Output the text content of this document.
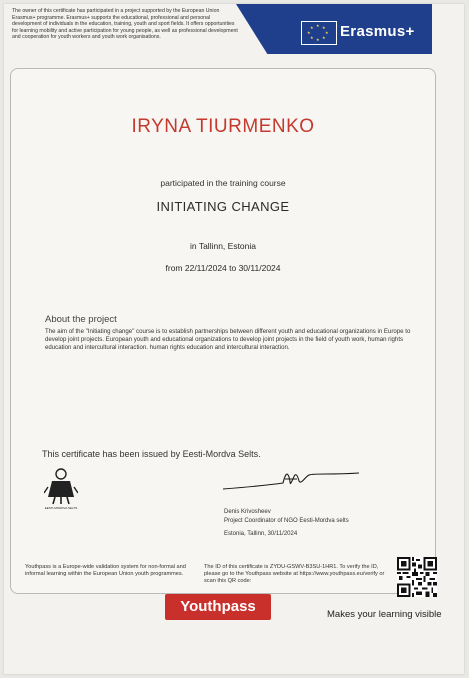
The owner of this certificate has participated in a project supported by the European Union Erasmus+ programme. Erasmus+ supports the educational, professional and personal development of individuals in the education, training, youth and sport fields. It offers opportunities for learning mobility and active participation for young people, as well as professional development and cooperation for youth workers and youth work organisations.
★ ★
★
★
★
★
★
★ Erasmus+
IRYNA TIURMENKO
participated in the training course
INITIATING CHANGE
in Tallinn, Estonia
from 22/11/2024 to 30/11/2024
About the project
The aim of the "Initiating change" course is to establish partnerships between different youth and educational organizations in Europe to develop joint projects. European youth and educational organizations to develop joint projects in the field of youth work, human rights education and intercultural interaction. human rights education and intercultural interaction.
This certificate has been issued by Eesti-Mordva Selts.
EESTI-MORDVA SELTS
Denis Krivosheev
Project Coordinator of NGO Eesti-Mordva selts
Estonia, Tallinn, 30/11/2024
Youthpass is a Europe-wide validation system for non-formal and informal learning within the European Union youth programmes.
The ID of this certificate is ZYDU-GSWV-B3SU-1HR1. To verify the ID, please go to the Youthpass website at https://www.youthpass.eu/verify or scan this QR code:
Youthpass	Makes your learning visible
